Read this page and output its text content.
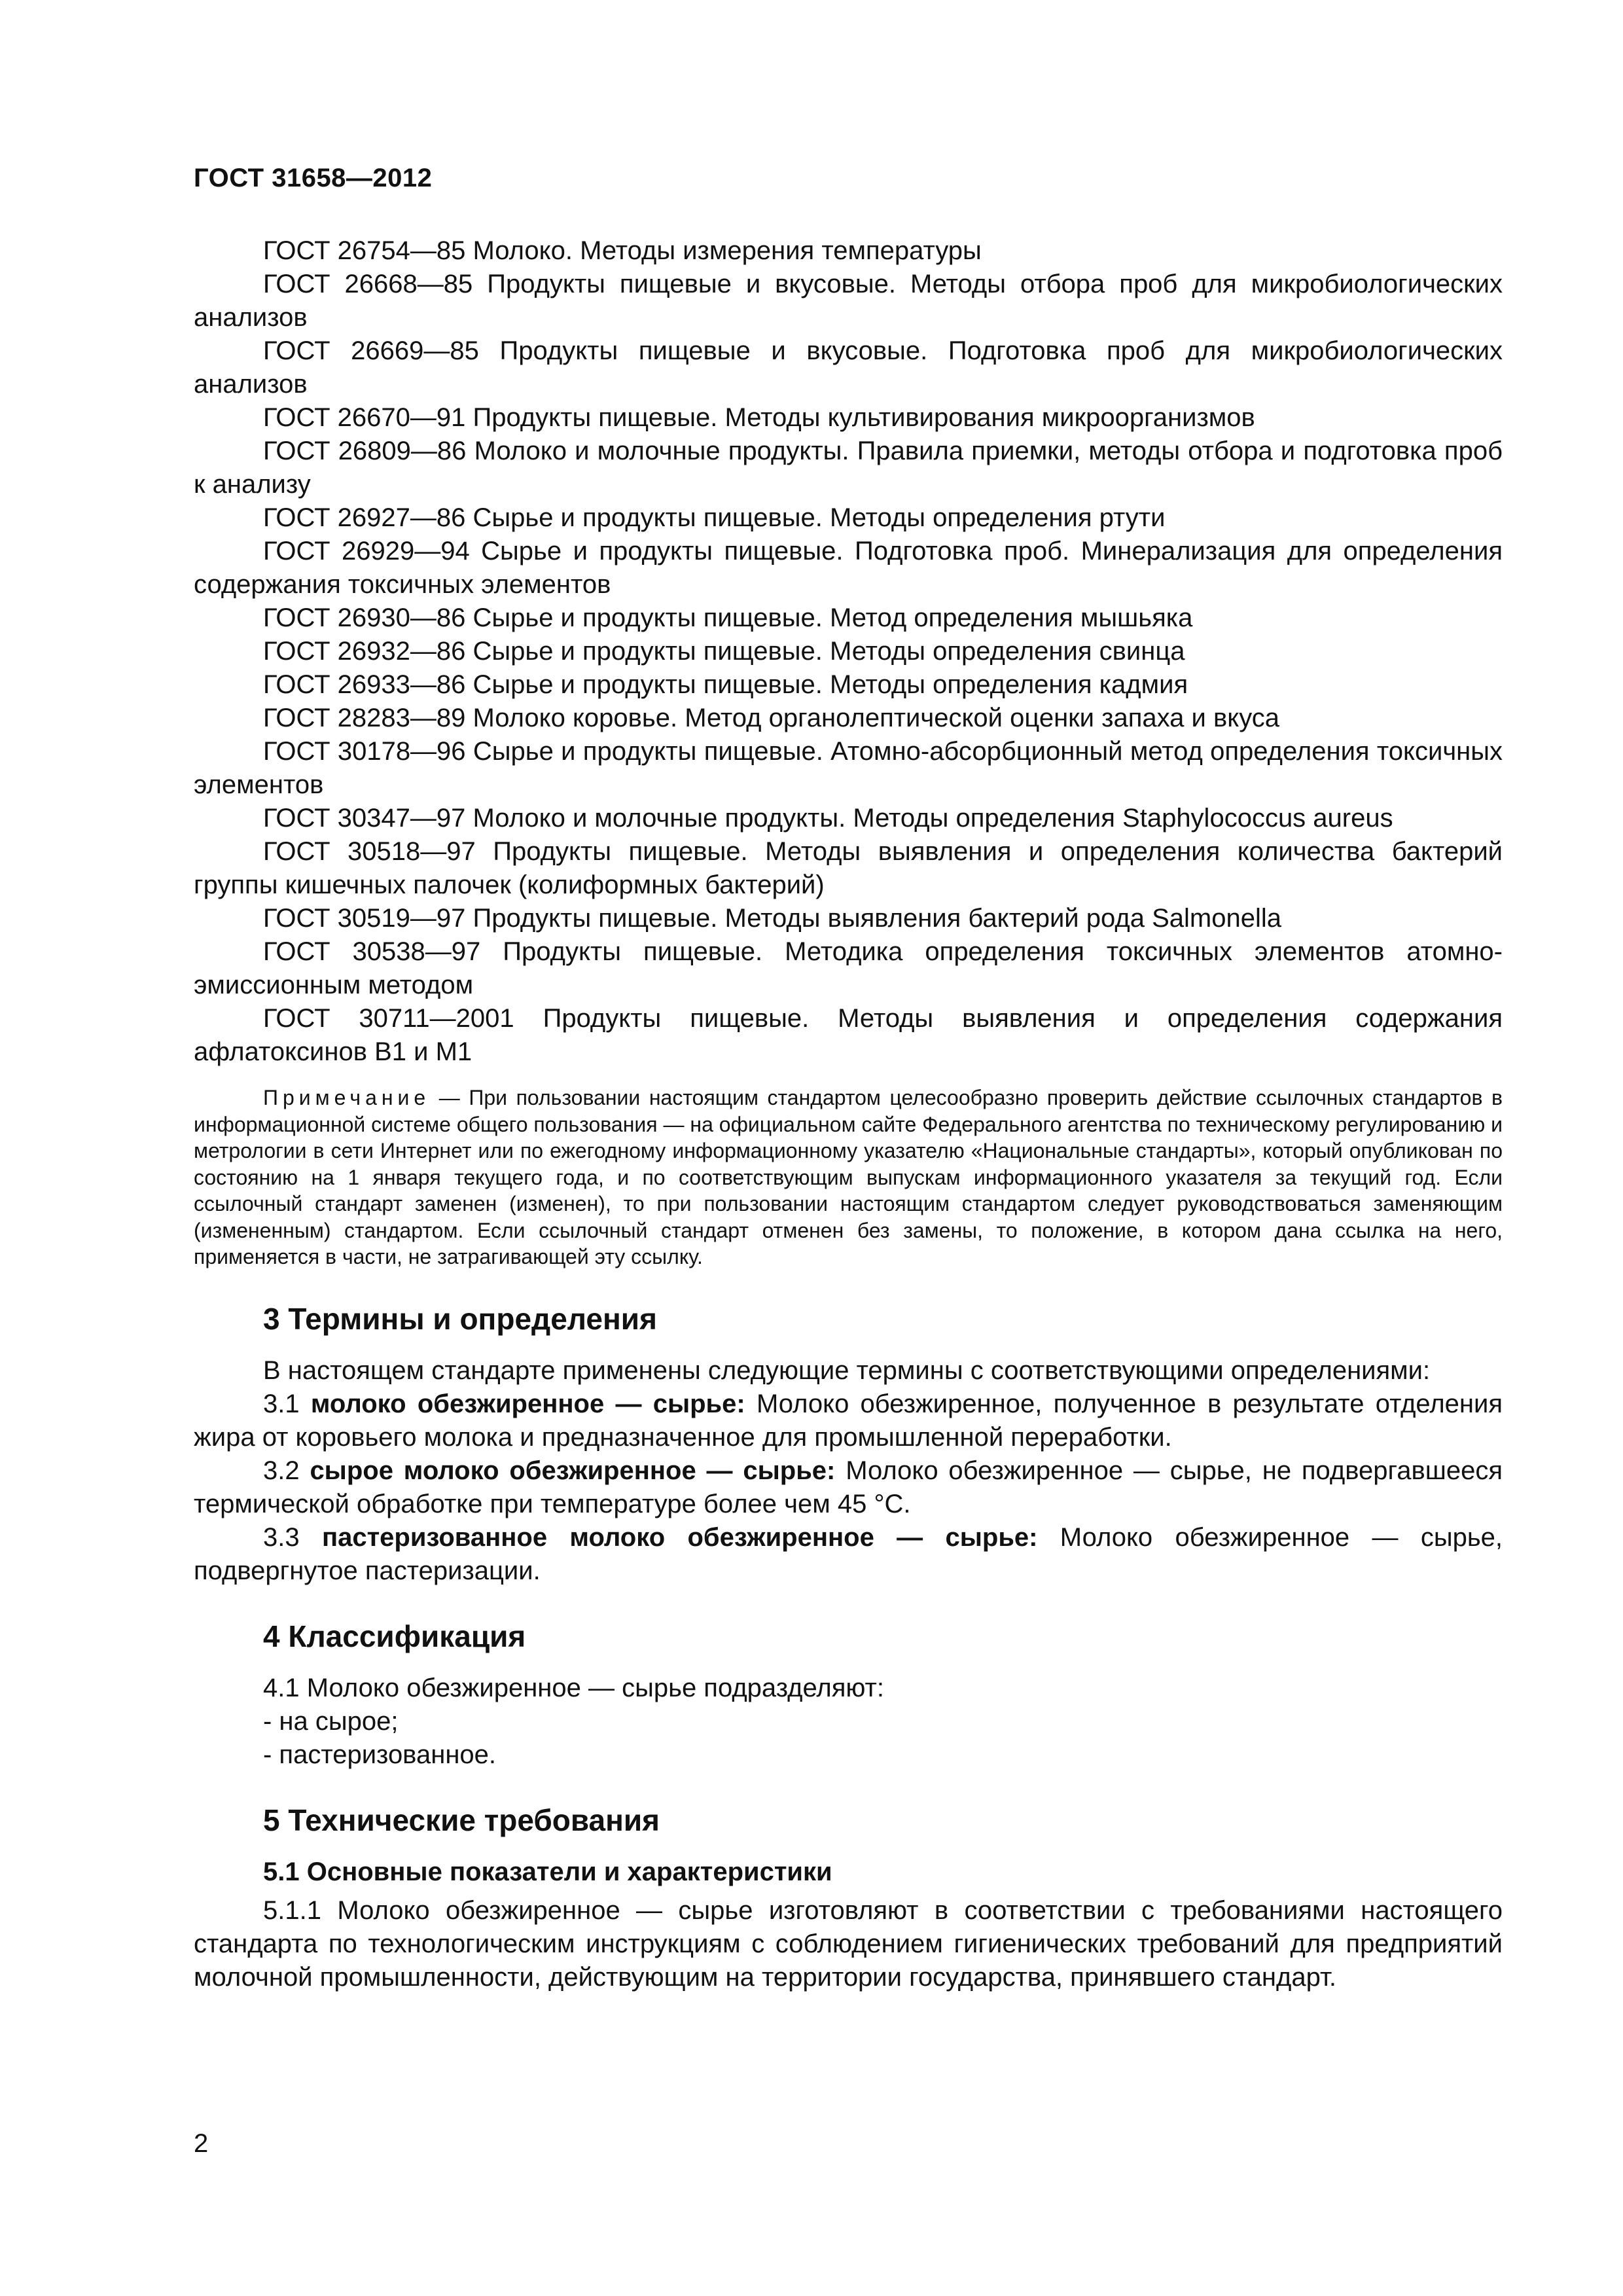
ГОСТ 31658—2012

ГОСТ 26754—85 Молоко. Методы измерения температуры

ГОСТ 26668—85 Продукты пищевые и вкусовые. Методы отбора проб для микробиологических анализов

ГОСТ 26669—85 Продукты пищевые и вкусовые. Подготовка проб для микробиологических анализов

ГОСТ 26670—91 Продукты пищевые. Методы культивирования микроорганизмов

ГОСТ 26809—86 Молоко и молочные продукты. Правила приемки, методы отбора и подготовка проб к анализу

ГОСТ 26927—86 Сырье и продукты пищевые. Методы определения ртути

ГОСТ 26929—94 Сырье и продукты пищевые. Подготовка проб. Минерализация для определения содержания токсичных элементов

ГОСТ 26930—86 Сырье и продукты пищевые. Метод определения мышьяка

ГОСТ 26932—86 Сырье и продукты пищевые. Методы определения свинца

ГОСТ 26933—86 Сырье и продукты пищевые. Методы определения кадмия

ГОСТ 28283—89 Молоко коровье. Метод органолептической оценки запаха и вкуса

ГОСТ 30178—96 Сырье и продукты пищевые. Атомно-абсорбционный метод определения токсичных элементов

ГОСТ 30347—97 Молоко и молочные продукты. Методы определения Staphylococcus aureus

ГОСТ 30518—97 Продукты пищевые. Методы выявления и определения количества бактерий группы кишечных палочек (колиформных бактерий)

ГОСТ 30519—97 Продукты пищевые. Методы выявления бактерий рода Salmonella

ГОСТ 30538—97 Продукты пищевые. Методика определения токсичных элементов атомно-эмиссионным методом

ГОСТ 30711—2001 Продукты пищевые. Методы выявления и определения содержания афлатоксинов В1 и М1

Примечание — При пользовании настоящим стандартом целесообразно проверить действие ссылочных стандартов в информационной системе общего пользования — на официальном сайте Федерального агентства по техническому регулированию и метрологии в сети Интернет или по ежегодному информационному указателю «Национальные стандарты», который опубликован по состоянию на 1 января текущего года, и по соответствующим выпускам информационного указателя за текущий год. Если ссылочный стандарт заменен (изменен), то при пользовании настоящим стандартом следует руководствоваться заменяющим (измененным) стандартом. Если ссылочный стандарт отменен без замены, то положение, в котором дана ссылка на него, применяется в части, не затрагивающей эту ссылку.

3 Термины и определения

В настоящем стандарте применены следующие термины с соответствующими определениями:

3.1 молоко обезжиренное — сырье: Молоко обезжиренное, полученное в результате отделения жира от коровьего молока и предназначенное для промышленной переработки.

3.2 сырое молоко обезжиренное — сырье: Молоко обезжиренное — сырье, не подвергавшееся термической обработке при температуре более чем 45 °С.

3.3 пастеризованное молоко обезжиренное — сырье: Молоко обезжиренное — сырье, подвергнутое пастеризации.

4 Классификация

4.1 Молоко обезжиренное — сырье подразделяют:

- на сырое;

- пастеризованное.

5 Технические требования
5.1 Основные показатели и характеристики

5.1.1 Молоко обезжиренное — сырье изготовляют в соответствии с требованиями настоящего стандарта по технологическим инструкциям с соблюдением гигиенических требований для предприятий молочной промышленности, действующим на территории государства, принявшего стандарт.

2
